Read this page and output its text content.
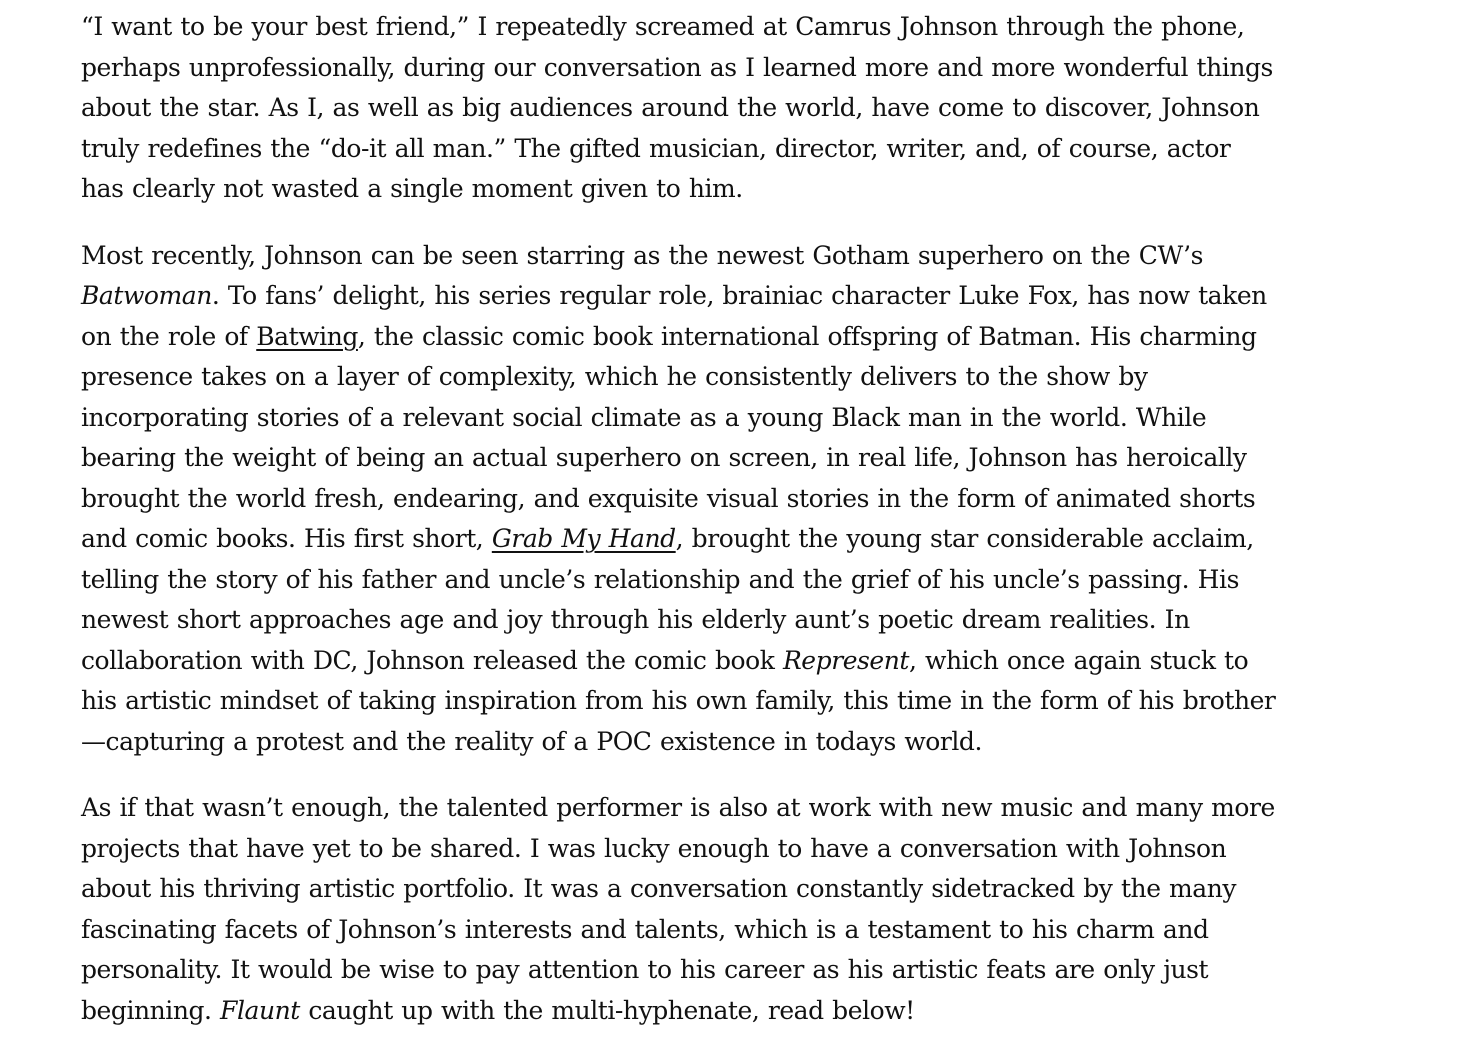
“I want to be your best friend,” I repeatedly screamed at Camrus Johnson through the phone, perhaps unprofessionally, during our conversation as I learned more and more wonderful things about the star. As I, as well as big audiences around the world, have come to discover, Johnson truly redefines the “do-it all man.” The gifted musician, director, writer, and, of course, actor has clearly not wasted a single moment given to him.

Most recently, Johnson can be seen starring as the newest Gotham superhero on the CW’s Batwoman. To fans’ delight, his series regular role, brainiac character Luke Fox, has now taken on the role of Batwing, the classic comic book international offspring of Batman. His charming presence takes on a layer of complexity, which he consistently delivers to the show by incorporating stories of a relevant social climate as a young Black man in the world. While bearing the weight of being an actual superhero on screen, in real life, Johnson has heroically brought the world fresh, endearing, and exquisite visual stories in the form of animated shorts and comic books. His first short, Grab My Hand, brought the young star considerable acclaim, telling the story of his father and uncle’s relationship and the grief of his uncle’s passing. His newest short approaches age and joy through his elderly aunt’s poetic dream realities. In collaboration with DC, Johnson released the comic book Represent, which once again stuck to his artistic mindset of taking inspiration from his own family, this time in the form of his brother—capturing a protest and the reality of a POC existence in todays world.

As if that wasn’t enough, the talented performer is also at work with new music and many more projects that have yet to be shared. I was lucky enough to have a conversation with Johnson about his thriving artistic portfolio. It was a conversation constantly sidetracked by the many fascinating facets of Johnson’s interests and talents, which is a testament to his charm and personality. It would be wise to pay attention to his career as his artistic feats are only just beginning. Flaunt caught up with the multi-hyphenate, read below!
